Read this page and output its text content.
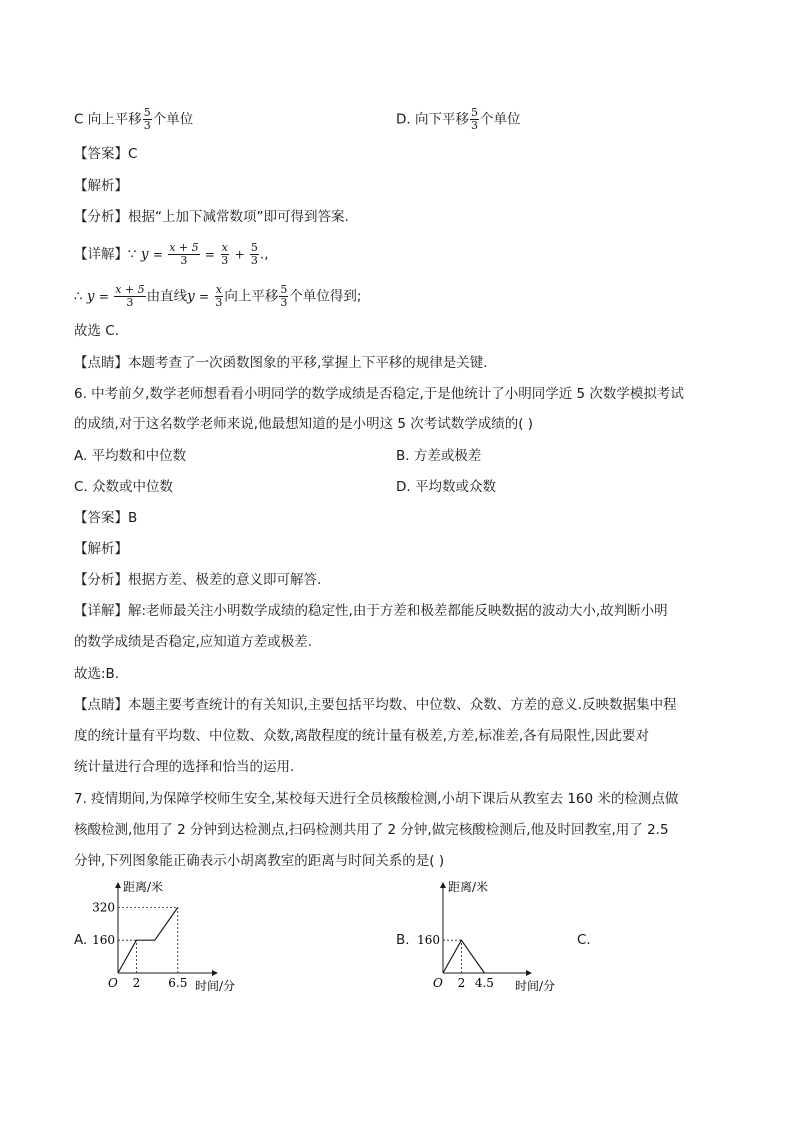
C 向上平移 $\frac{5}{3}$ 个单位	D. 向下平移 $\frac{5}{3}$ 个单位
【答案】C
【解析】
【分析】根据“上加下减常数项”即可得到答案.
【详解】∵ $y = \frac{x + 5}{3} = \frac{x}{3} + \frac{5}{3}$ .,
∴ $y = \frac{x + 5}{3}$ 由直线$y = \frac{x}{3}$ 向上平移 $\frac{5}{3}$ 个单位得到;
故选 C.
【点睛】本题考查了一次函数图象的平移,掌握上下平移的规律是关键.
6. 中考前夕,数学老师想看看小明同学的数学成绩是否稳定,于是他统计了小明同学近 5 次数学模拟考试
的成绩,对于这名数学老师来说,他最想知道的是小明这 5 次考试数学成绩的( )
A. 平均数和中位数	B. 方差或极差
C. 众数或中位数	D. 平均数或众数
【答案】B
【解析】
【分析】根据方差、极差的意义即可解答.
【详解】解:老师最关注小明数学成绩的稳定性,由于方差和极差都能反映数据的波动大小,故判断小明
的数学成绩是否稳定,应知道方差或极差.
故选:B.
【点睛】本题主要考查统计的有关知识,主要包括平均数、中位数、众数、方差的意义.反映数据集中程
度的统计量有平均数、中位数、众数,离散程度的统计量有极差,方差,标准差,各有局限性,因此要对
统计量进行合理的选择和恰当的运用.
7. 疫情期间,为保障学校师生安全,某校每天进行全员核酸检测,小胡下课后从教室去 160 米的检测点做
核酸检测,他用了 2 分钟到达检测点,扫码检测共用了 2 分钟,做完核酸检测后,他及时回教室,用了 2.5
分钟,下列图象能正确表示小胡离教室的距离与时间关系的是( )
A.	B.	C.
距离/米
时间/分
O 2 6.5
160
320
距离/米
时间/分
O 2 4.5
160
